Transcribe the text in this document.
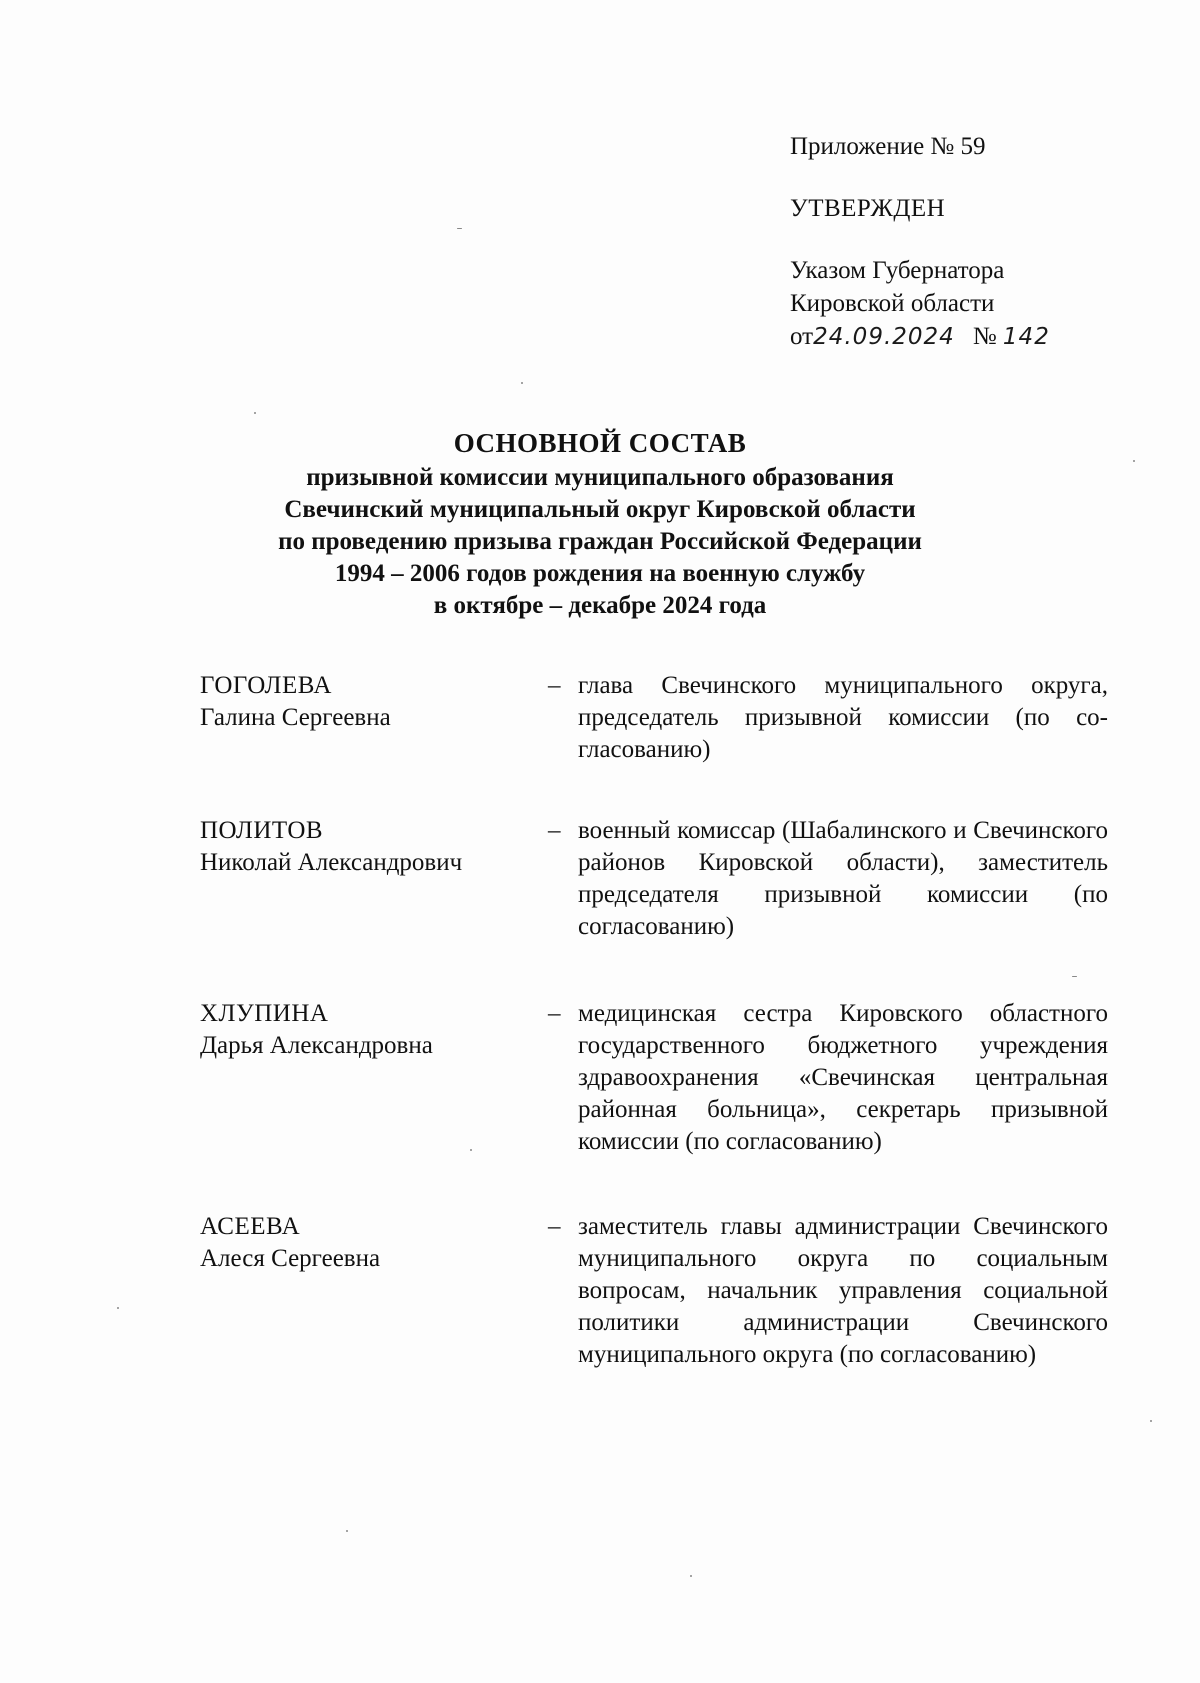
Приложение № 59
УТВЕРЖДЕН
Указом Губернатора
Кировской области
от24.09.2024 № 142
ОСНОВНОЙ СОСТАВ
призывной комиссии муниципального образования
Свечинский муниципальный округ Кировской области
по проведению призыва граждан Российской Федерации
1994 – 2006 годов рождения на военную службу
в октябре – декабре 2024 года
ГОГОЛЕВА
Галина Сергеевна
– глава Свечинского муниципального округа, председатель призывной комиссии (по согласованию)
ПОЛИТОВ
Николай Александрович
– военный комиссар (Шабалинского и Свечинского районов Кировской области), заместитель председателя призывной комиссии (по согласованию)
ХЛУПИНА
Дарья Александровна
– медицинская сестра Кировского областного государственного бюджетного учреждения здравоохранения «Свечинская центральная районная больница», секретарь призывной комиссии (по согласованию)
АСЕЕВА
Алеся Сергеевна
– заместитель главы администрации Свечинского муниципального округа по социальным вопросам, начальник управления социальной политики администрации Свечинского муниципального округа (по согласованию)
